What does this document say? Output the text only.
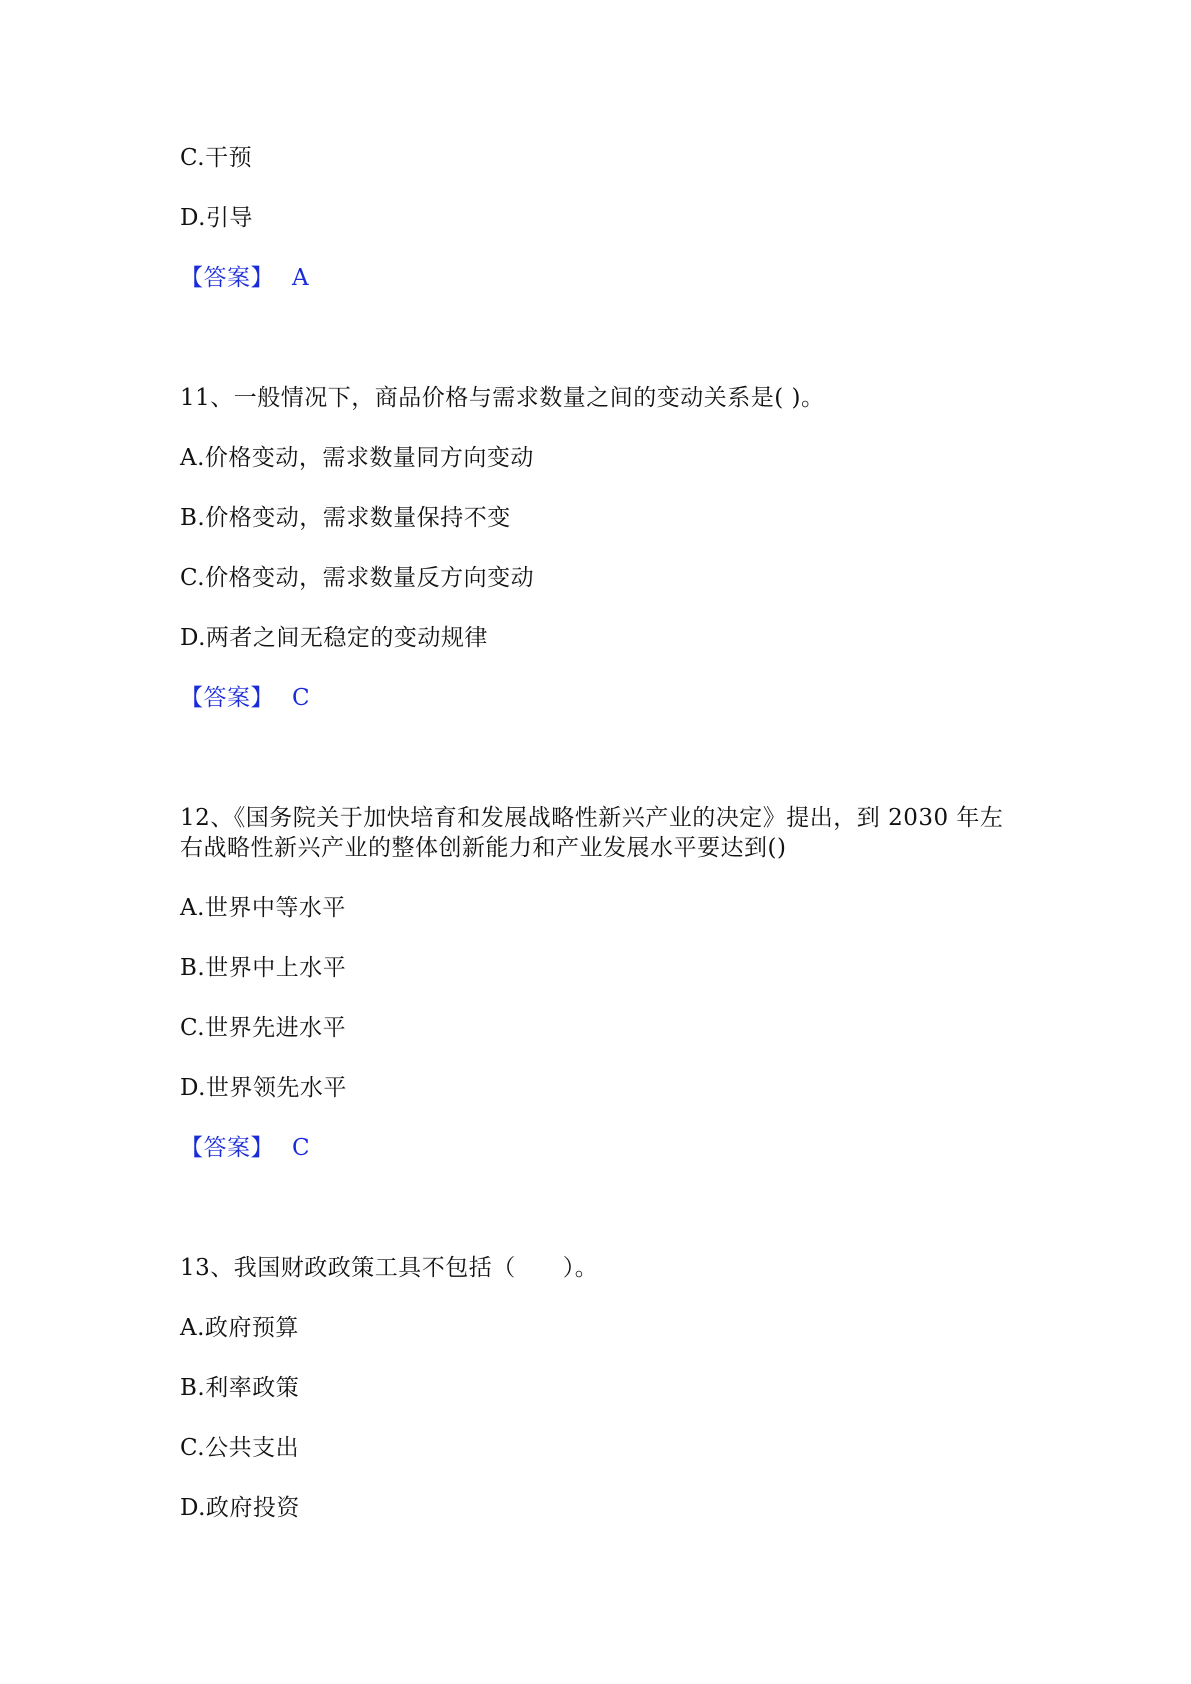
C.干预
D.引导
【答案】 A
11、一般情况下，商品价格与需求数量之间的变动关系是( )。
A.价格变动，需求数量同方向变动
B.价格变动，需求数量保持不变
C.价格变动，需求数量反方向变动
D.两者之间无稳定的变动规律
【答案】 C
12、《国务院关于加快培育和发展战略性新兴产业的决定》提出，到 2030 年左
右战略性新兴产业的整体创新能力和产业发展水平要达到()
A.世界中等水平
B.世界中上水平
C.世界先进水平
D.世界领先水平
【答案】 C
13、我国财政政策工具不包括（　　）。
A.政府预算
B.利率政策
C.公共支出
D.政府投资
